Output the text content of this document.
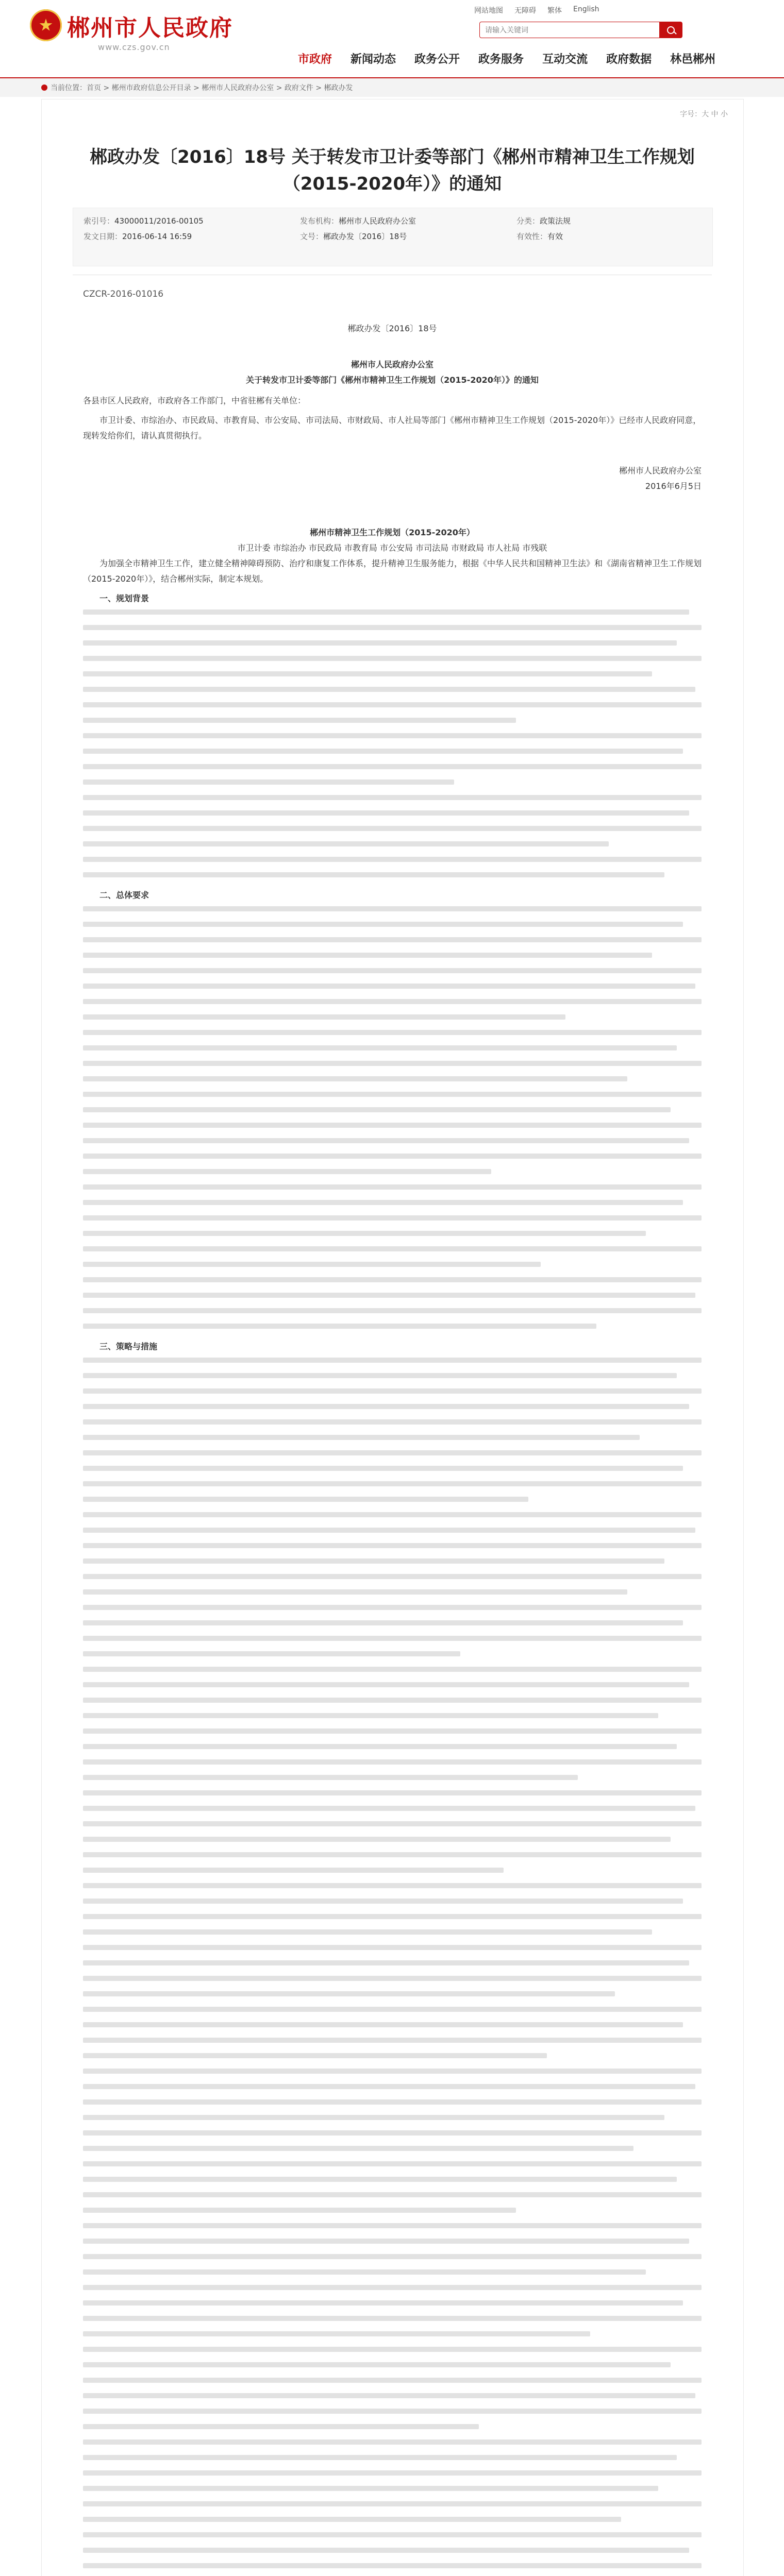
郴州市人民政府
www.czs.gov.cn
网站地图 无障碍 繁体 English
请输入关键词
市政府	新闻动态	政务公开	政务服务	互动交流	政府数据	林邑郴州
当前位置：首页 > 郴州市政府信息公开目录 > 郴州市人民政府办公室 > 政府文件 > 郴政办发
字号：大 中 小
郴政办发〔2016〕18号 关于转发市卫计委等部门《郴州市精神卫生工作规划（2015-2020年）》的通知
索引号：43000011/2016-00105	发布机构：郴州市人民政府办公室	分类：政策法规
发文日期：2016-06-14 16:59	文号：郴政办发〔2016〕18号	有效性：有效
CZCR-2016-01016
郴政办发〔2016〕18号
郴州市人民政府办公室
关于转发市卫计委等部门《郴州市精神卫生工作规划（2015-2020年）》的通知
各县市区人民政府，市政府各工作部门，中省驻郴有关单位：
市卫计委、市综治办、市民政局、市教育局、市公安局、市司法局、市财政局、市人社局等部门《郴州市精神卫生工作规划（2015-2020年）》已经市人民政府同意，现转发给你们，请认真贯彻执行。
郴州市人民政府办公室
2016年6月5日
郴州市精神卫生工作规划（2015-2020年）
市卫计委 市综治办 市民政局 市教育局 市公安局 市司法局 市财政局 市人社局 市残联
为加强全市精神卫生工作，建立健全精神障碍预防、治疗和康复工作体系，提升精神卫生服务能力，根据《中华人民共和国精神卫生法》和《湖南省精神卫生工作规划（2015-2020年）》，结合郴州实际，制定本规划。
一、规划背景
二、总体要求
三、策略与措施
